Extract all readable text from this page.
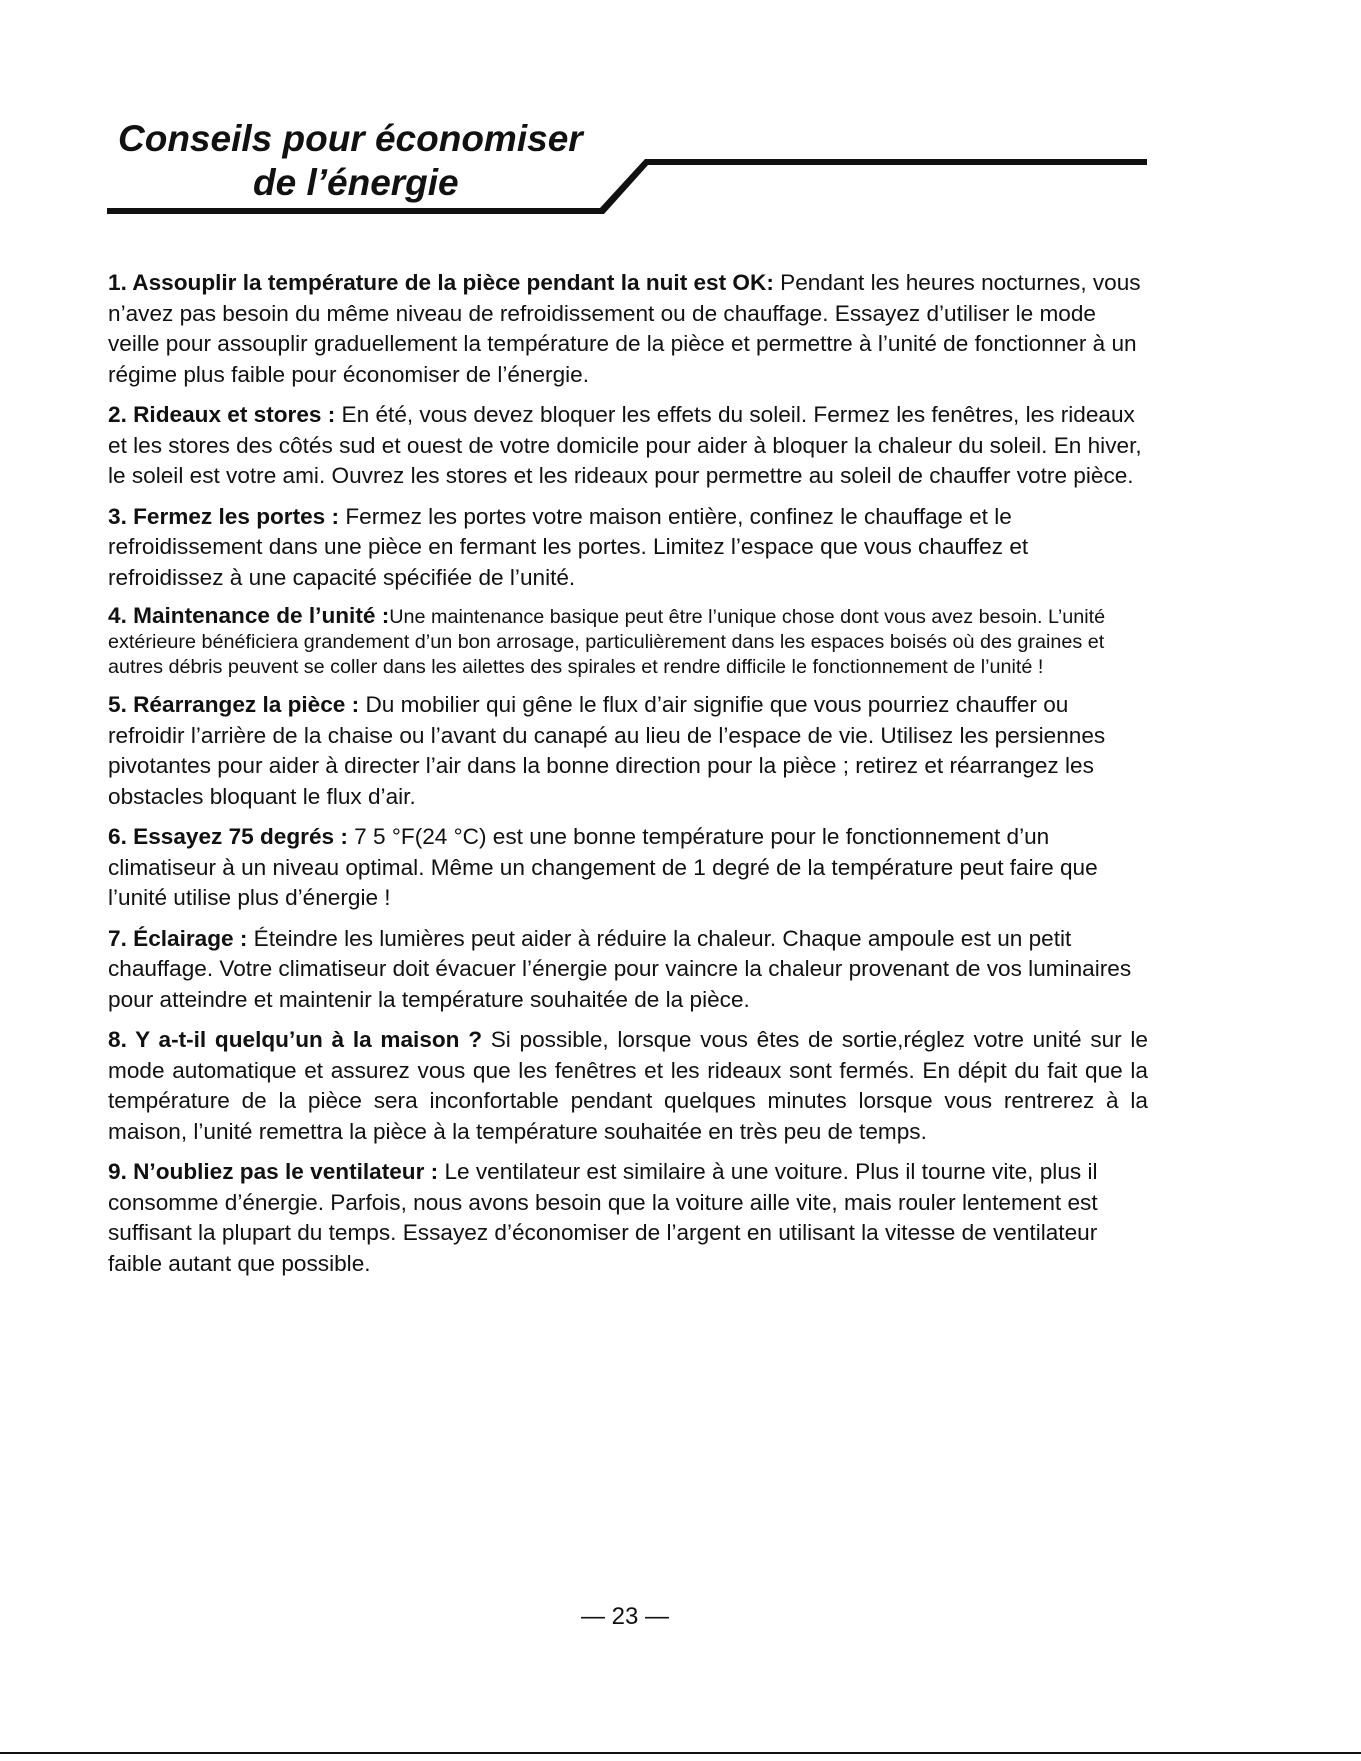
Conseils pour économiser
de l’énergie

1. Assouplir la température de la pièce pendant la nuit est OK: Pendant les heures nocturnes, vous n’avez pas besoin du même niveau de refroidissement ou de chauffage. Essayez d’utiliser le mode veille pour assouplir graduellement la température de la pièce et permettre à l’unité de fonctionner à un régime plus faible pour économiser de l’énergie.

2. Rideaux et stores : En été, vous devez bloquer les effets du soleil. Fermez les fenêtres, les rideaux et les stores des côtés sud et ouest de votre domicile pour aider à bloquer la chaleur du soleil. En hiver, le soleil est votre ami. Ouvrez les stores et les rideaux pour permettre au soleil de chauffer votre pièce.

3. Fermez les portes : Fermez les portes votre maison entière, confinez le chauffage et le refroidissement dans une pièce en fermant les portes. Limitez l’espace que vous chauffez et refroidissez à une capacité spécifiée de l’unité.

4. Maintenance de l’unité :Une maintenance basique peut être l’unique chose dont vous avez besoin. L’unité extérieure bénéficiera grandement d’un bon arrosage, particulièrement dans les espaces boisés où des graines et autres débris peuvent se coller dans les ailettes des spirales et rendre difficile le fonctionnement de l’unité !

5. Réarrangez la pièce : Du mobilier qui gêne le flux d’air signifie que vous pourriez chauffer ou refroidir l’arrière de la chaise ou l’avant du canapé au lieu de l’espace de vie. Utilisez les persiennes pivotantes pour aider à directer l’air dans la bonne direction pour la pièce ; retirez et réarrangez les obstacles bloquant le flux d’air.

6. Essayez 75 degrés : 7 5 °F(24 °C) est une bonne température pour le fonctionnement d’un climatiseur à un niveau optimal. Même un changement de 1 degré de la température peut faire que l’unité utilise plus d’énergie !

7. Éclairage : Éteindre les lumières peut aider à réduire la chaleur. Chaque ampoule est un petit chauffage. Votre climatiseur doit évacuer l’énergie pour vaincre la chaleur provenant de vos luminaires pour atteindre et maintenir la température souhaitée de la pièce.

8. Y a-t-il quelqu’un à la maison ? Si possible, lorsque vous êtes de sortie,réglez votre unité sur le mode automatique et assurez vous que les fenêtres et les rideaux sont fermés. En dépit du fait que la température de la pièce sera inconfortable pendant quelques minutes lorsque vous rentrerez à la maison, l’unité remettra la pièce à la température souhaitée en très peu de temps.

9. N’oubliez pas le ventilateur : Le ventilateur est similaire à une voiture. Plus il tourne vite, plus il consomme d’énergie. Parfois, nous avons besoin que la voiture aille vite, mais rouler lentement est suffisant la plupart du temps. Essayez d’économiser de l’argent en utilisant la vitesse de ventilateur faible autant que possible.

— 23 —
